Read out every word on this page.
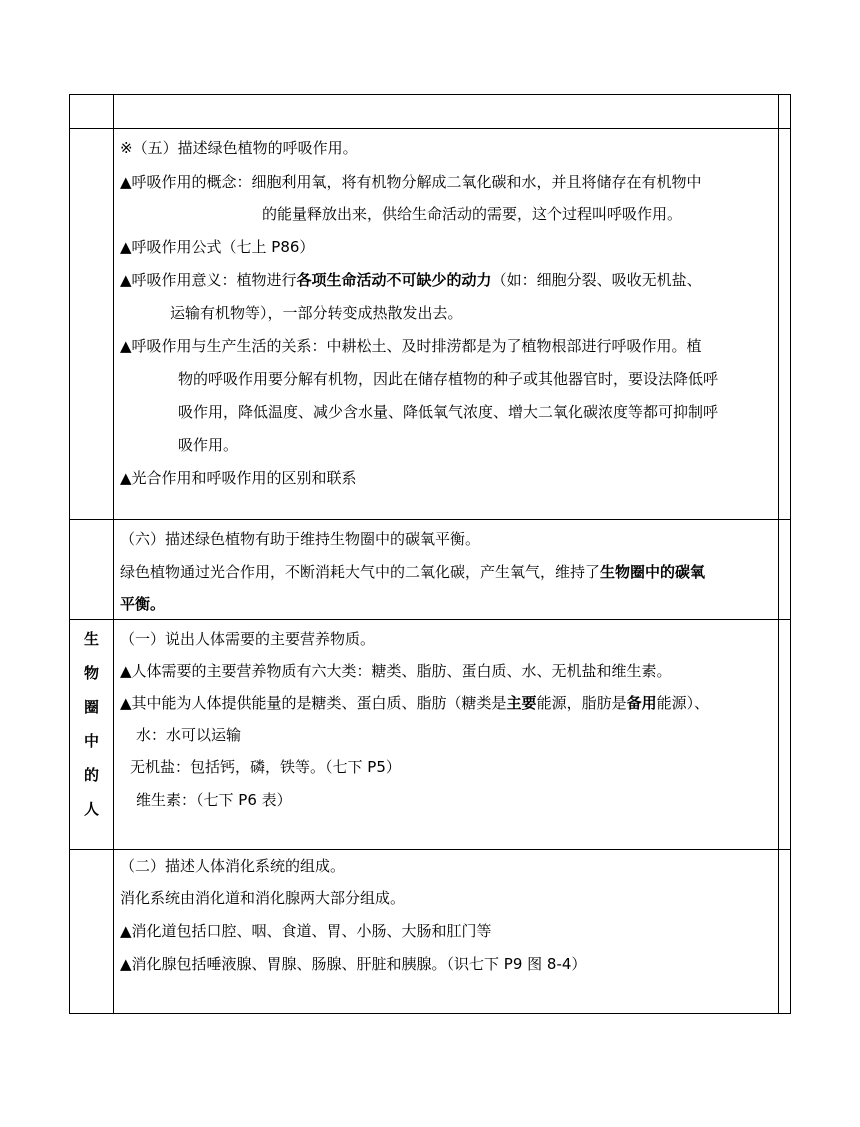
※（五）描述绿色植物的呼吸作用。
▲呼吸作用的概念：细胞利用氧，将有机物分解成二氧化碳和水，并且将储存在有机物中
的能量释放出来，供给生命活动的需要，这个过程叫呼吸作用。
▲呼吸作用公式（七上 P86）
▲呼吸作用意义：植物进行各项生命活动不可缺少的动力（如：细胞分裂、吸收无机盐、
运输有机物等），一部分转变成热散发出去。
▲呼吸作用与生产生活的关系：中耕松土、及时排涝都是为了植物根部进行呼吸作用。植
物的呼吸作用要分解有机物，因此在储存植物的种子或其他器官时，要设法降低呼
吸作用，降低温度、减少含水量、降低氧气浓度、增大二氧化碳浓度等都可抑制呼
吸作用。
▲光合作用和呼吸作用的区别和联系
（六）描述绿色植物有助于维持生物圈中的碳氧平衡。
绿色植物通过光合作用，不断消耗大气中的二氧化碳，产生氧气，维持了生物圈中的碳氧
平衡。
生
物
圈
中
的
人
（一）说出人体需要的主要营养物质。
▲人体需要的主要营养物质有六大类：糖类、脂肪、蛋白质、水、无机盐和维生素。
▲其中能为人体提供能量的是糖类、蛋白质、脂肪（糖类是主要能源，脂肪是备用能源）、
水：水可以运输
无机盐：包括钙，磷，铁等。（七下 P5）
维生素：（七下 P6 表）
（二）描述人体消化系统的组成。
消化系统由消化道和消化腺两大部分组成。
▲消化道包括口腔、咽、食道、胃、小肠、大肠和肛门等
▲消化腺包括唾液腺、胃腺、肠腺、肝脏和胰腺。（识七下 P9 图 8-4）
